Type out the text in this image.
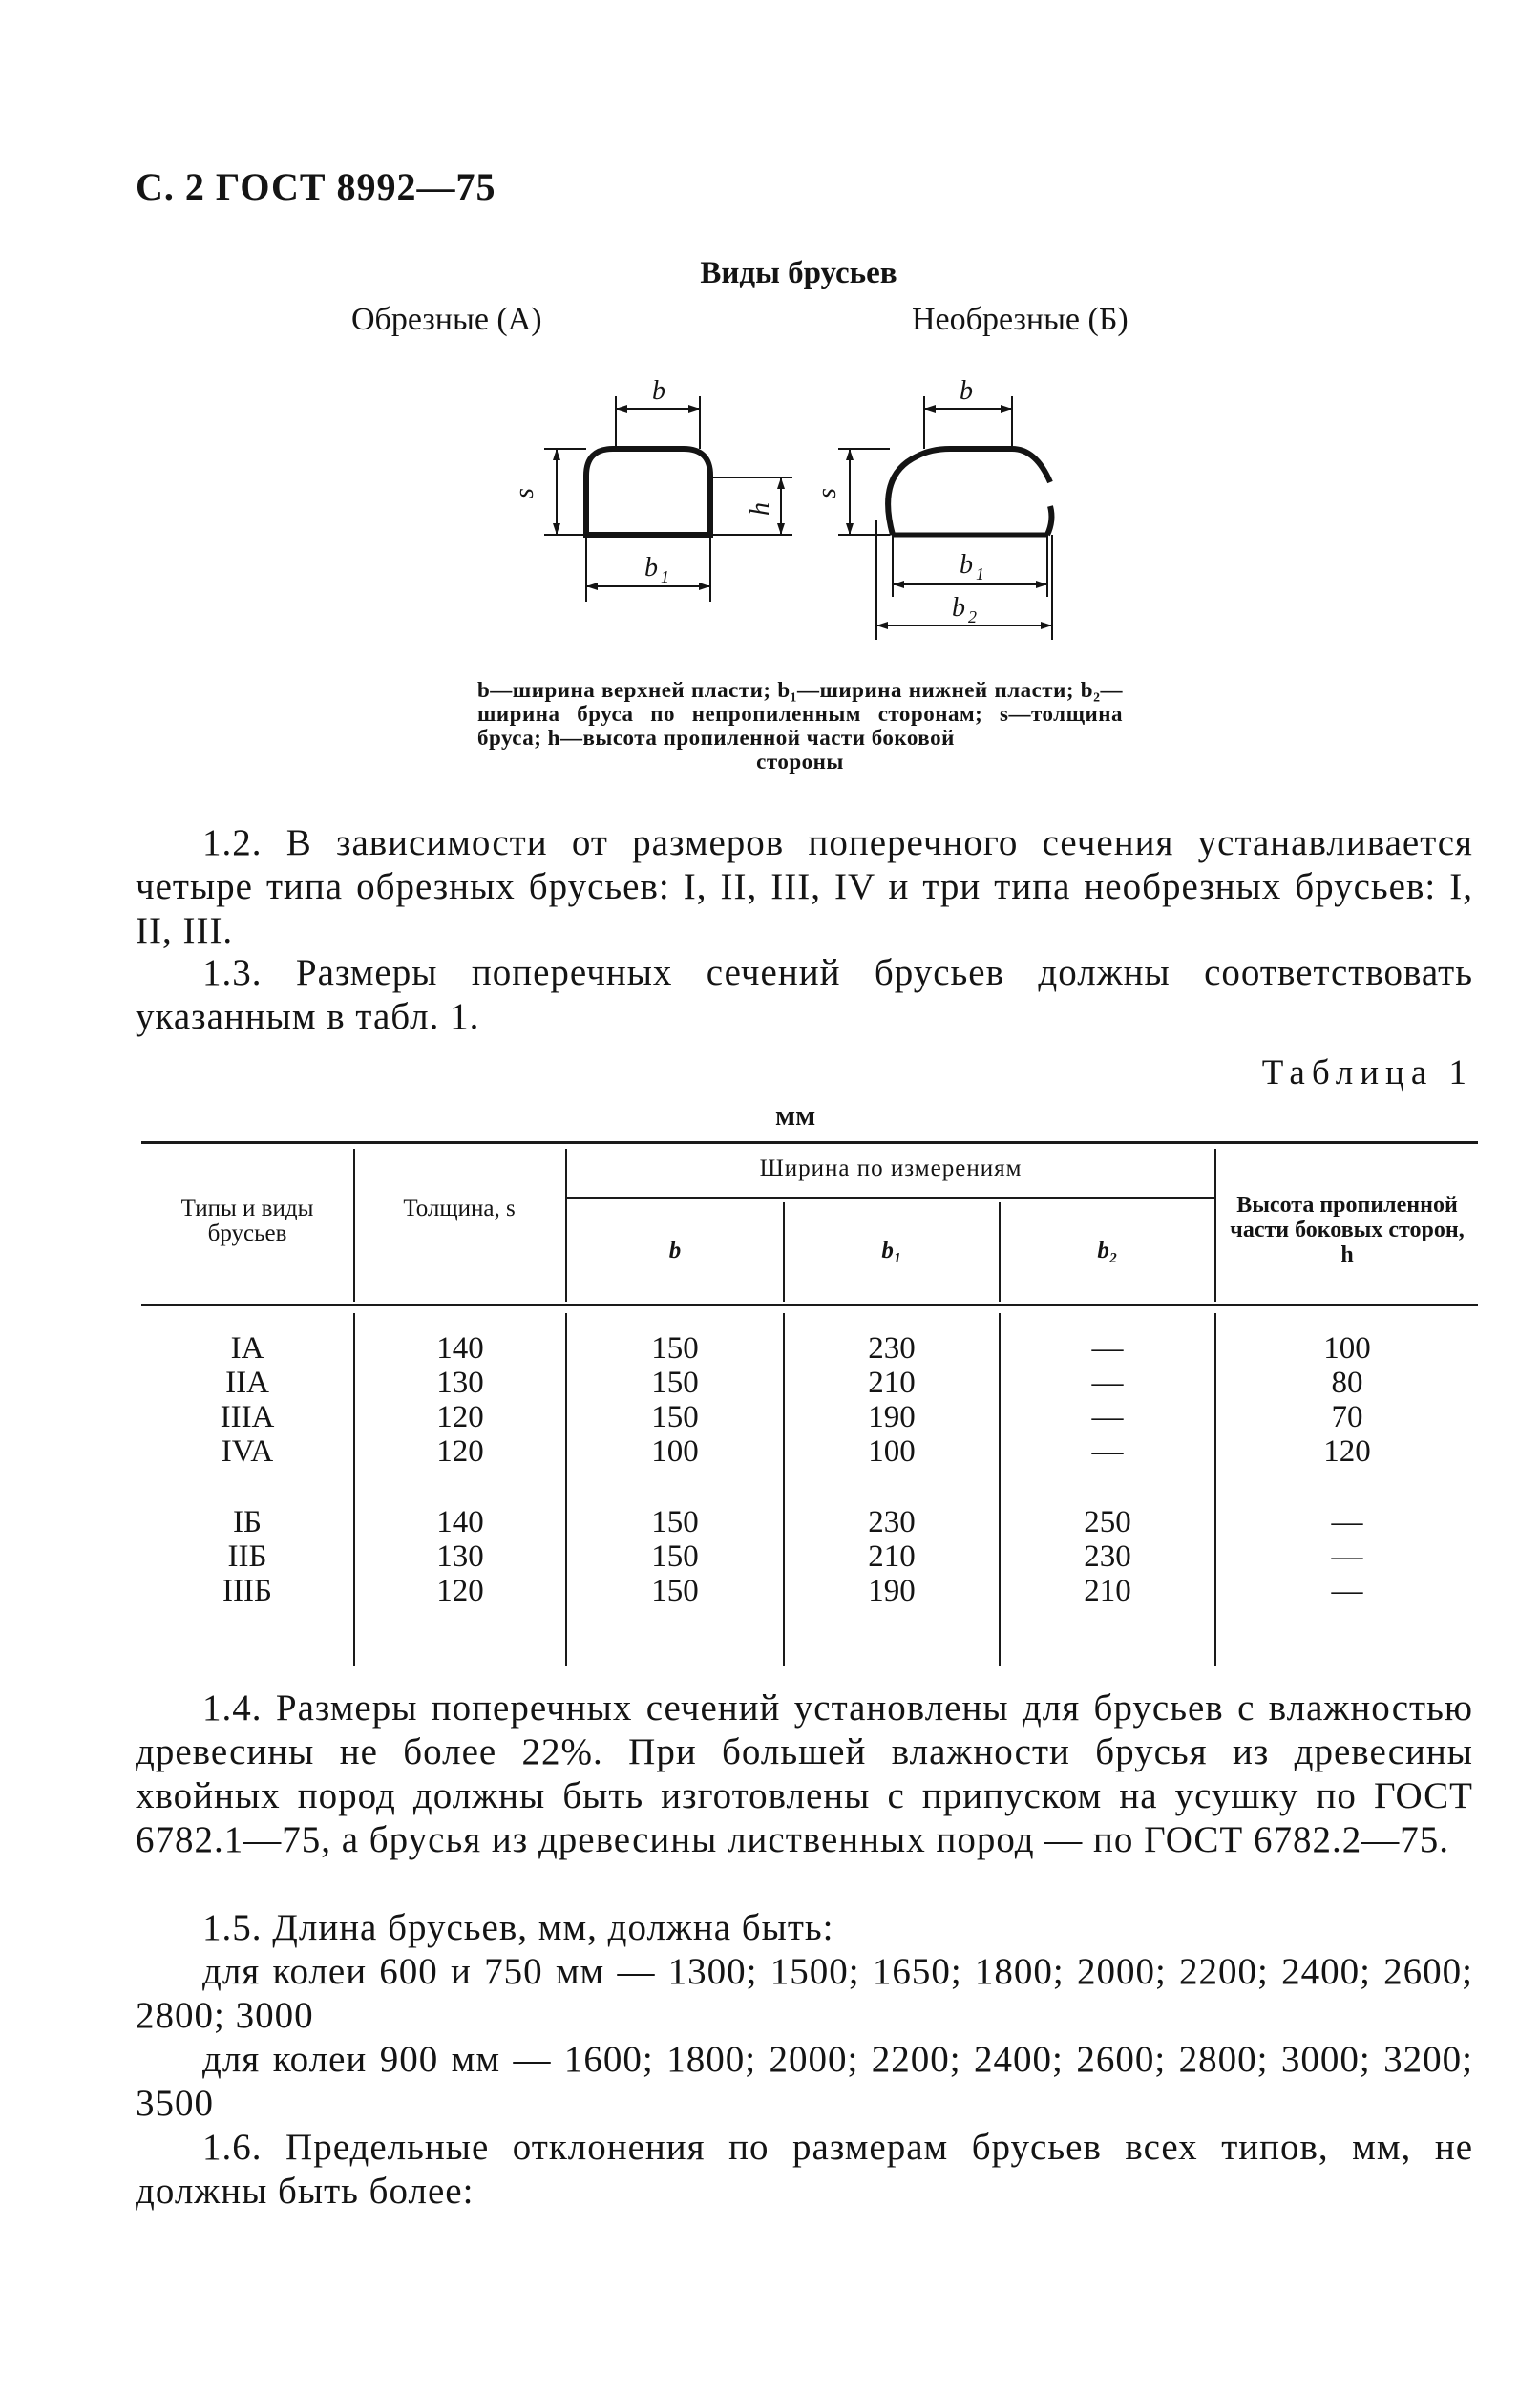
С. 2 ГОСТ 8992—75
Виды брусьев
Обрезные (А)	Необрезные (Б)
b
b 1
s
h
b
b 1
s
b 2
b—ширина верхней пласти; b₁—ширина нижней пласти; b₂—ширина бруса по непропиленным сторонам; s—толщина бруса; h—высота пропиленной части боковой
стороны
1.2. В зависимости от размеров поперечного сечения устанавливается четыре типа обрезных брусьев: I, II, III, IV и три типа необрезных брусьев: I, II, III.
1.3. Размеры поперечных сечений брусьев должны соответствовать указанным в табл. 1.
Таблица 1
мм
Типы и виды брусьев
Толщина, s
Ширина по измерениям
b	b₁	b₂
Высота пропиленной части боковых сторон, h
IA	140	150	230	—	100
IIA	130	150	210	—	80
IIIA	120	150	190	—	70
IVA	120	100	100	—	120
IБ	140	150	230	250	—
IIБ	130	150	210	230	—
IIIБ	120	150	190	210	—
1.4. Размеры поперечных сечений установлены для брусьев с влажностью древесины не более 22%. При большей влажности брусья из древесины хвойных пород должны быть изготовлены с припуском на усушку по ГОСТ 6782.1—75, а брусья из древесины лиственных пород — по ГОСТ 6782.2—75.
1.5. Длина брусьев, мм, должна быть:
для колеи 600 и 750 мм — 1300; 1500; 1650; 1800; 2000; 2200; 2400; 2600; 2800; 3000
для колеи 900 мм — 1600; 1800; 2000; 2200; 2400; 2600; 2800; 3000; 3200; 3500
1.6. Предельные отклонения по размерам брусьев всех типов, мм, не должны быть более:
